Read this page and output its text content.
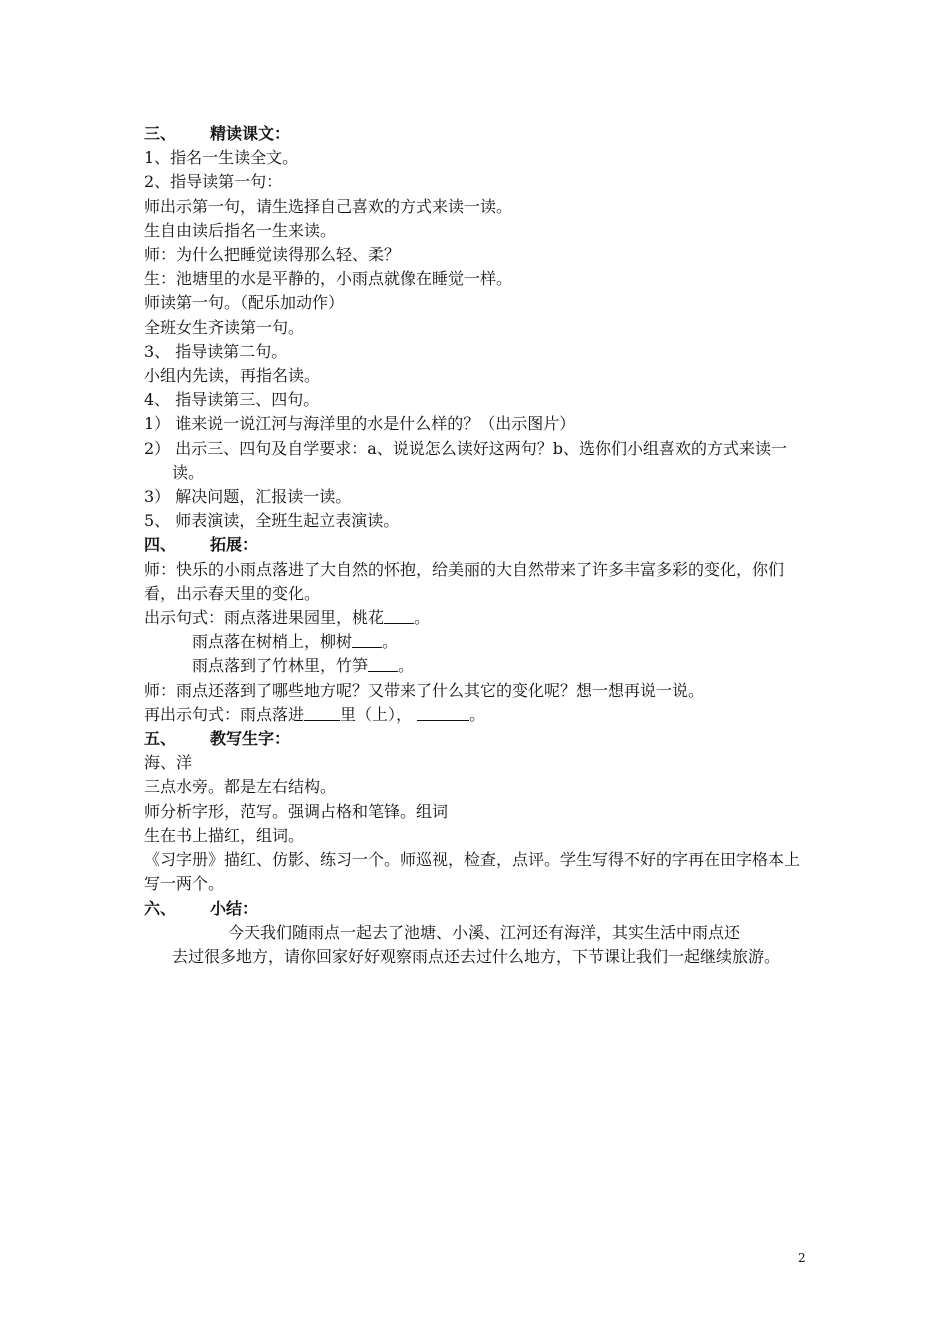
三、 精读课文：
1、指名一生读全文。
2、指导读第一句：
师出示第一句，请生选择自己喜欢的方式来读一读。
生自由读后指名一生来读。
师：为什么把睡觉读得那么轻、柔？
生：池塘里的水是平静的，小雨点就像在睡觉一样。
师读第一句。（配乐加动作）
全班女生齐读第一句。
3、 指导读第二句。
小组内先读，再指名读。
4、 指导读第三、四句。
1） 谁来说一说江河与海洋里的水是什么样的？（出示图片）
2） 出示三、四句及自学要求：a、说说怎么读好这两句？b、选你们小组喜欢的方式来读一读。
3） 解决问题，汇报读一读。
5、 师表演读，全班生起立表演读。
四、 拓展：
师：快乐的小雨点落进了大自然的怀抱，给美丽的大自然带来了许多丰富多彩的变化，你们看，出示春天里的变化。
出示句式：雨点落进果园里，桃花 。
雨点落在树梢上，柳树 。
雨点落到了竹林里，竹笋 。
师：雨点还落到了哪些地方呢？又带来了什么其它的变化呢？想一想再说一说。
再出示句式：雨点落进 里（上），	。
五、 教写生字：
海、洋
三点水旁。都是左右结构。
师分析字形，范写。强调占格和笔锋。组词
生在书上描红，组词。
《习字册》描红、仿影、练习一个。师巡视，检查，点评。学生写得不好的字再在田字格本上写一两个。
六、 小结：
今天我们随雨点一起去了池塘、小溪、江河还有海洋，其实生活中雨点还
去过很多地方，请你回家好好观察雨点还去过什么地方，下节课让我们一起继续旅游。
2
